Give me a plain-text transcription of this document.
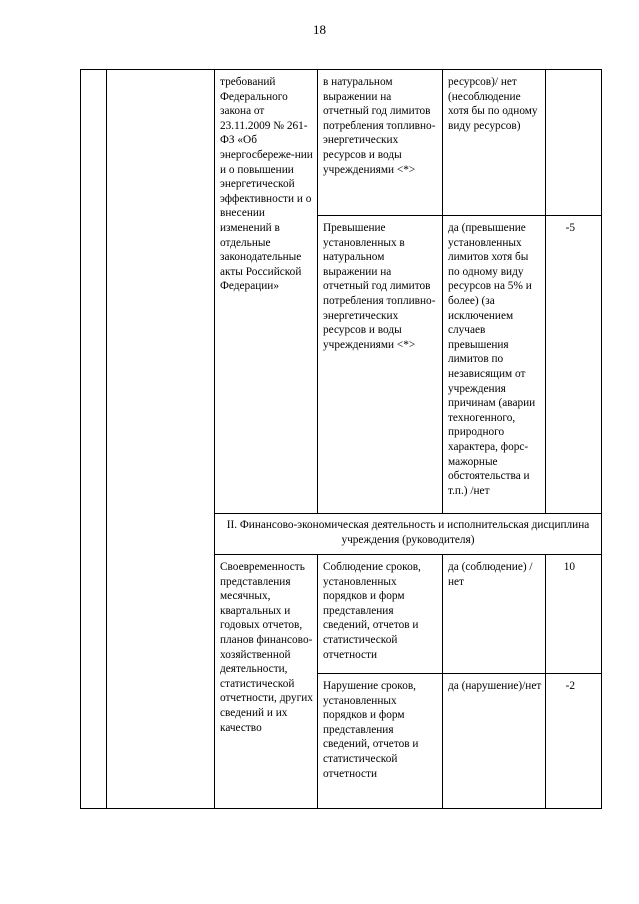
18
		требований Федерального закона от 23.11.2009 № 261-ФЗ «Об энергосбереже-нии и о повышении энергетической эффективности и о внесении изменений в отдельные законодательные акты Российской Федерации»	в натуральном выражении на отчетный год лимитов потребления топливно-энергетических ресурсов и воды учреждениями <*>	ресурсов)/ нет (несоблюдение хотя бы по одному виду ресурсов)	
			Превышение установленных в натуральном выражении на отчетный год лимитов потребления топливно-энергетических ресурсов и воды учреждениями <*>	да (превышение установленных лимитов хотя бы по одному виду ресурсов на 5% и более) (за исключением случаев превышения лимитов по независящим от учреждения причинам (аварии техногенного, природного характера, форс-мажорные обстоятельства и т.п.) /нет	-5
		II. Финансово-экономическая деятельность и исполнительская дисциплина учреждения (руководителя)			
		Своевременность представления месячных, квартальных и годовых отчетов, планов финансово-хозяйственной деятельности, статистической отчетности, других сведений и их качество	Соблюдение сроков, установленных порядков и форм представления сведений, отчетов и статистической отчетности	да (соблюдение) /нет	10
			Нарушение сроков, установленных порядков и форм представления сведений, отчетов и статистической отчетности	да (нарушение)/нет	-2
